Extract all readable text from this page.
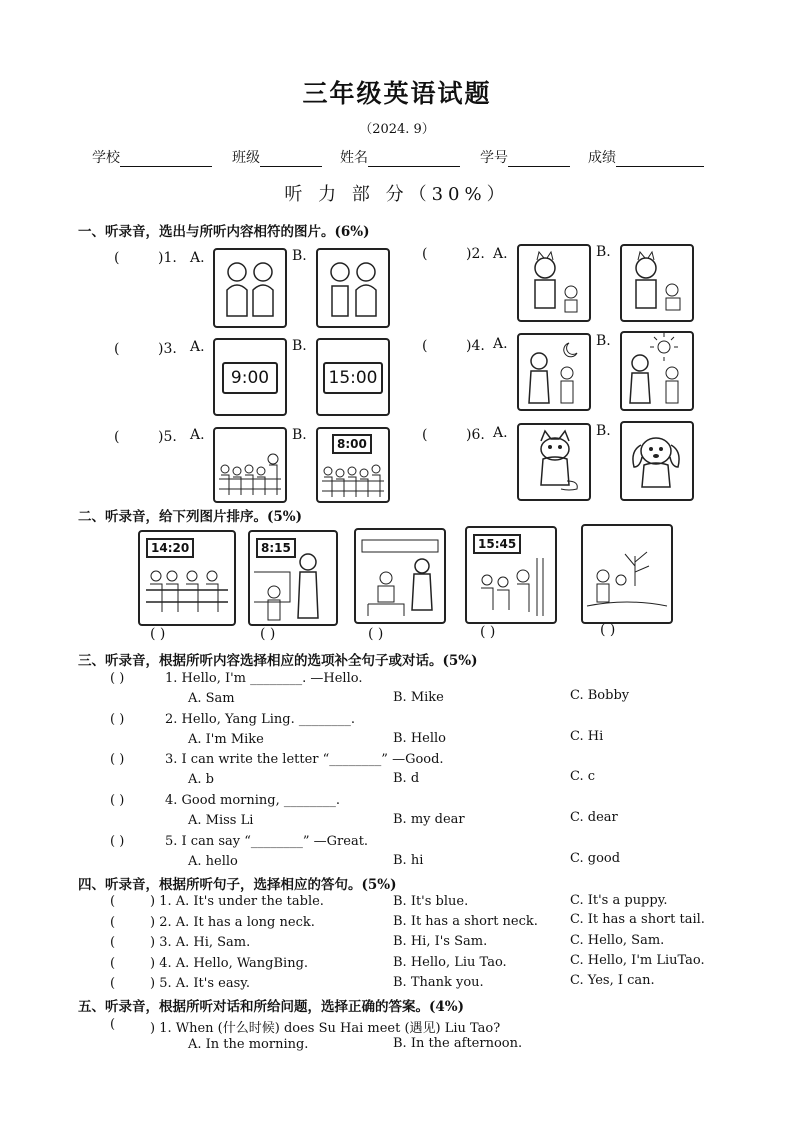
三年级英语试题
（2024. 9）
学校	班级	姓名	学号	成绩
听 力 部 分（30%）
一、听录音，选出与所听内容相符的图片。(6%)
(	)1. A.	B.	(	)2. A.	B.
(	)3. A.
9:00
B.
15:00
(	)4. A.	B.
(	)5. A.	B.
8:00
(	)6. A.	B.
二、听录音，给下列图片排序。(5%)
14:20	8:15	15:45
( )	( )	( )	( )	( )
三、听录音，根据所听内容选择相应的选项补全句子或对话。(5%)
( )	1. Hello, I'm ________. —Hello.
A. Sam	B. Mike	C. Bobby
( )	2. Hello, Yang Ling. ________.
A. I'm Mike	B. Hello	C. Hi
( )	3. I can write the letter “________” —Good.
A. b	B. d	C. c
( )	4. Good morning, ________.
A. Miss Li	B. my dear	C. dear
( )	5. I can say “________” —Great.
A. hello	B. hi	C. good
四、听录音，根据所听句子，选择相应的答句。(5%)
(	) 1. A. It's under the table.	B. It's blue.	C. It's a puppy.
(	) 2. A. It has a long neck.	B. It has a short neck. C. It has a short tail.
(	) 3. A. Hi, Sam.	B. Hi, I's Sam.	C. Hello, Sam.
(	) 4. A. Hello, WangBing.	B. Hello, Liu Tao.	C. Hello, I'm LiuTao.
(	) 5. A. It's easy.	B. Thank you.	C. Yes, I can.
五、听录音，根据所听对话和所给问题，选择正确的答案。(4%)
(	) 1. When (什么时候) does Su Hai meet (遇见) Liu Tao?
A. In the morning.	B. In the afternoon.
